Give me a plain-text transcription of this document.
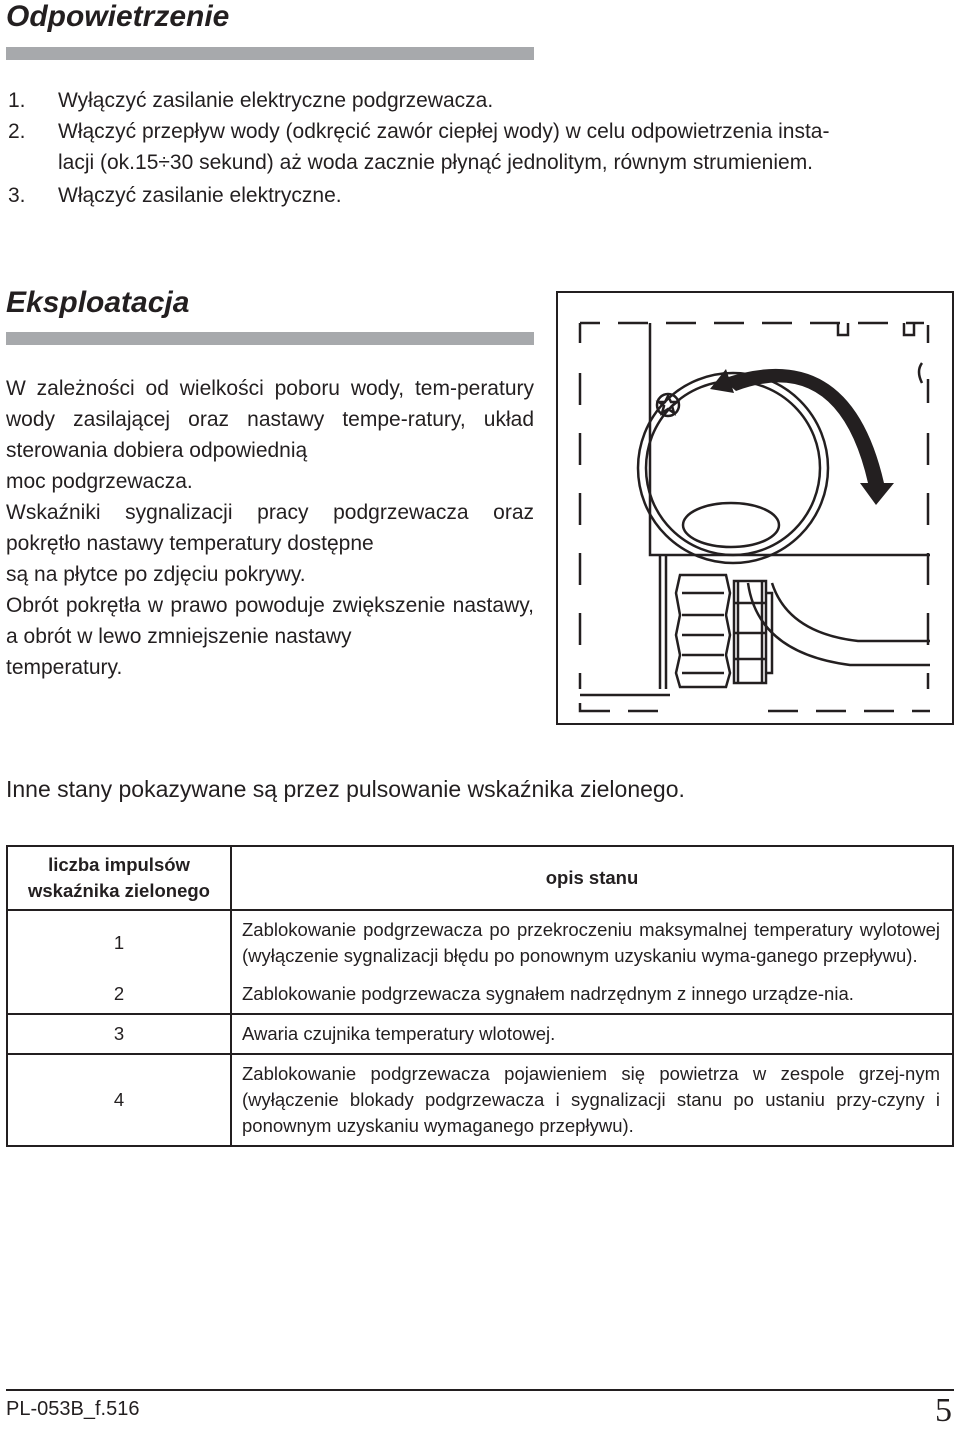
Odpowietrzenie
1. Wyłączyć zasilanie elektryczne podgrzewacza.
2. Włączyć przepływ wody (odkręcić zawór ciepłej wody) w celu odpowietrzenia insta-
lacji (ok.15÷30 sekund) aż woda zacznie płynąć jednolitym, równym strumieniem.
3. Włączyć zasilanie elektryczne.
Eksploatacja
W zależności od wielkości poboru wody, tem-peratury wody zasilającej oraz nastawy tempe-ratury, układ sterowania dobiera odpowiednią
moc podgrzewacza.
Wskaźniki sygnalizacji pracy podgrzewacza oraz pokrętło nastawy temperatury dostępne
są na płytce po zdjęciu pokrywy.
Obrót pokrętła w prawo powoduje zwiększenie nastawy, a obrót w lewo zmniejszenie nastawy
temperatury.
Inne stany pokazywane są przez pulsowanie wskaźnika zielonego.
liczba impulsów
wskaźnika zielonego	opis stanu
1	Zablokowanie podgrzewacza po przekroczeniu maksymalnej temperatury wylotowej (wyłączenie sygnalizacji błędu po ponownym uzyskaniu wyma-ganego przepływu).
2	Zablokowanie podgrzewacza sygnałem nadrzędnym z innego urządze-nia.
3	Awaria czujnika temperatury wlotowej.
4	Zablokowanie podgrzewacza pojawieniem się powietrza w zespole grzej-nym (wyłączenie blokady podgrzewacza i sygnalizacji stanu po ustaniu przy-czyny i ponownym uzyskaniu wymaganego przepływu).
PL-053B_f.516	5
